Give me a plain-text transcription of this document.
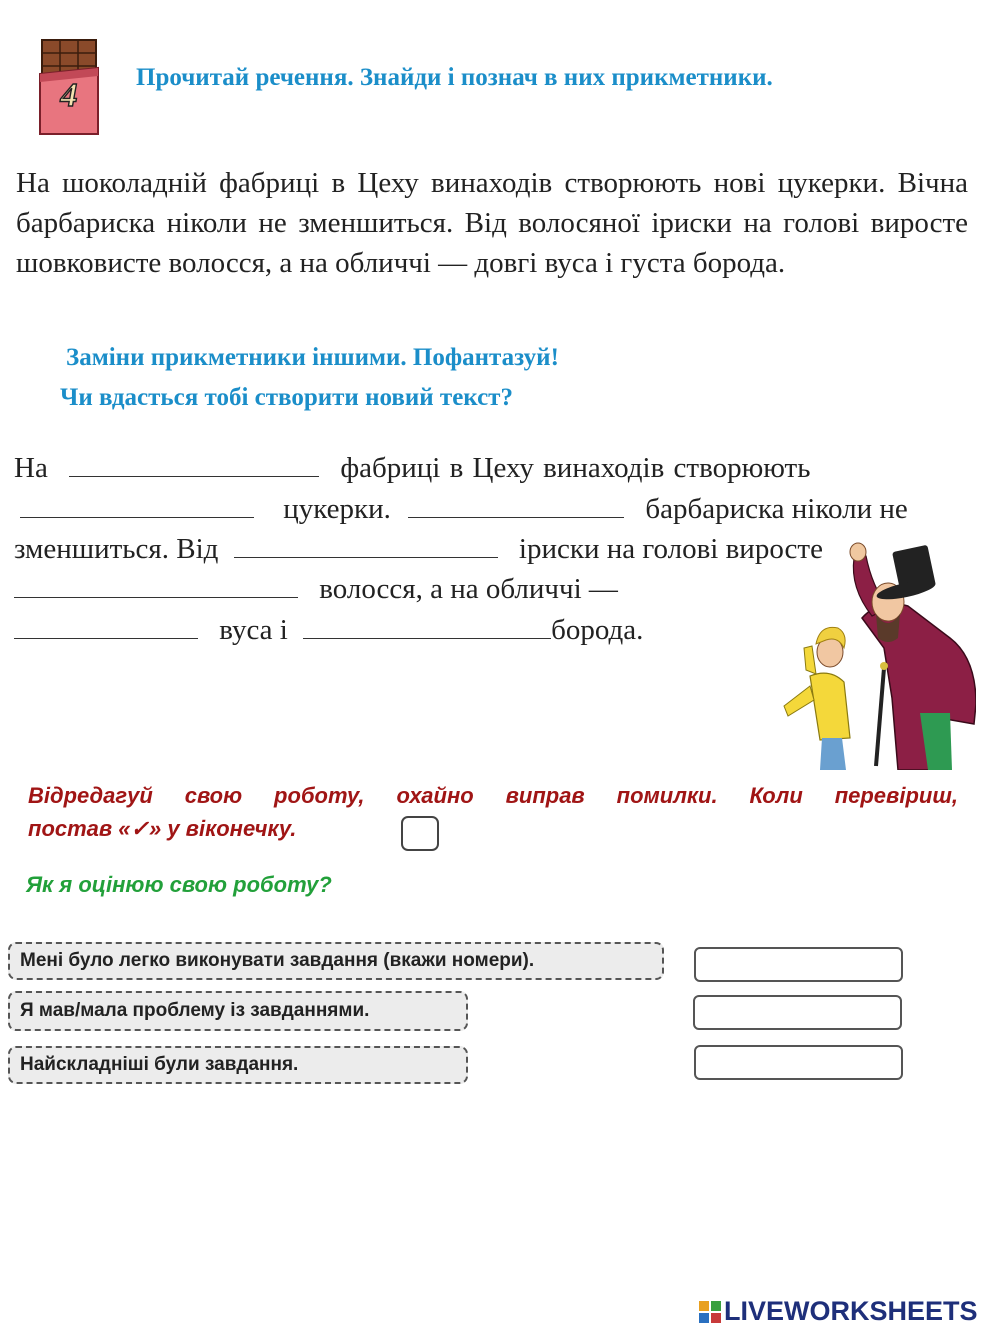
4 Прочитай речення. Знайди і познач в них прикметники.
На шоколадній фабриці в Цеху винаходів створюють нові цукерки. Вічна барбариска ніколи не зменшиться. Від волосяної іриски на голові виросте шовковисте волосся, а на обличчі — довгі вуса і густа борода.
Заміни прикметники іншими. Пофантазуй!
Чи вдасться тобі створити новий текст?
На	фабриці в Цеху винаходів створюють
цукерки.	барбариска ніколи не
зменшиться. Від	іриски на голові виросте
волосся, а на обличчі —
вуса і	борода.
Відредагуй свою роботу, охайно виправ помилки. Коли перевіриш,
постав «✓» у віконечку.
Як я оцінюю свою роботу?
Мені було легко виконувати завдання (вкажи номери).
Я мав/мала проблему із завданнями.
Найскладніші були завдання.
LIVEWORKSHEETS
